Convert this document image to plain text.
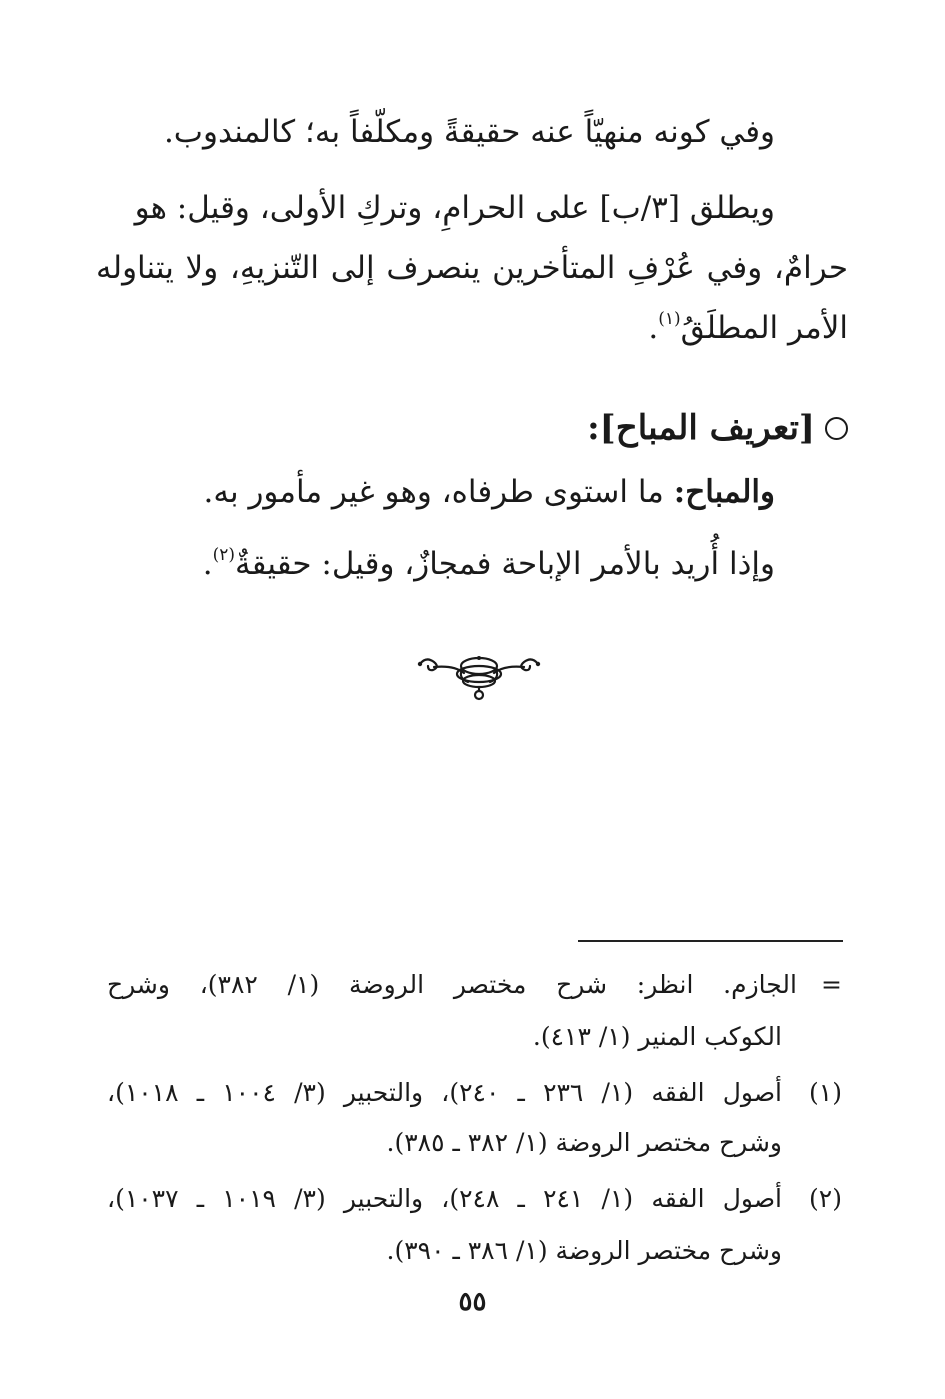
وفي كونه منهيّاً عنه حقيقةً ومكلّفاً به؛ كالمندوب.
ويطلق [٣/ب] على الحرامِ، وتركِ الأولى، وقيل: هو
حرامٌ، وفي عُرْفِ المتأخرين ينصرف إلى التّنزيهِ، ولا يتناوله
الأمر المطلَقُ$^{(١)}$.
[تعريف المباح]:
والمباح: ما استوى طرفاه، وهو غير مأمور به.
وإذا أُريد بالأمر الإباحة فمجازٌ، وقيل: حقيقةٌ$^{(٢)}$.
=
الجازم. انظر: شرح مختصر الروضة (١/ ٣٨٢)، وشرح
الكوكب المنير (١/ ٤١٣).
(١)
أصول الفقه (١/ ٢٣٦ ـ ٢٤٠)، والتحبير (٣/ ١٠٠٤ ـ ١٠١٨)،
وشرح مختصر الروضة (١/ ٣٨٢ ـ ٣٨٥).
(٢)
أصول الفقه (١/ ٢٤١ ـ ٢٤٨)، والتحبير (٣/ ١٠١٩ ـ ١٠٣٧)،
وشرح مختصر الروضة (١/ ٣٨٦ ـ ٣٩٠).
٥٥
